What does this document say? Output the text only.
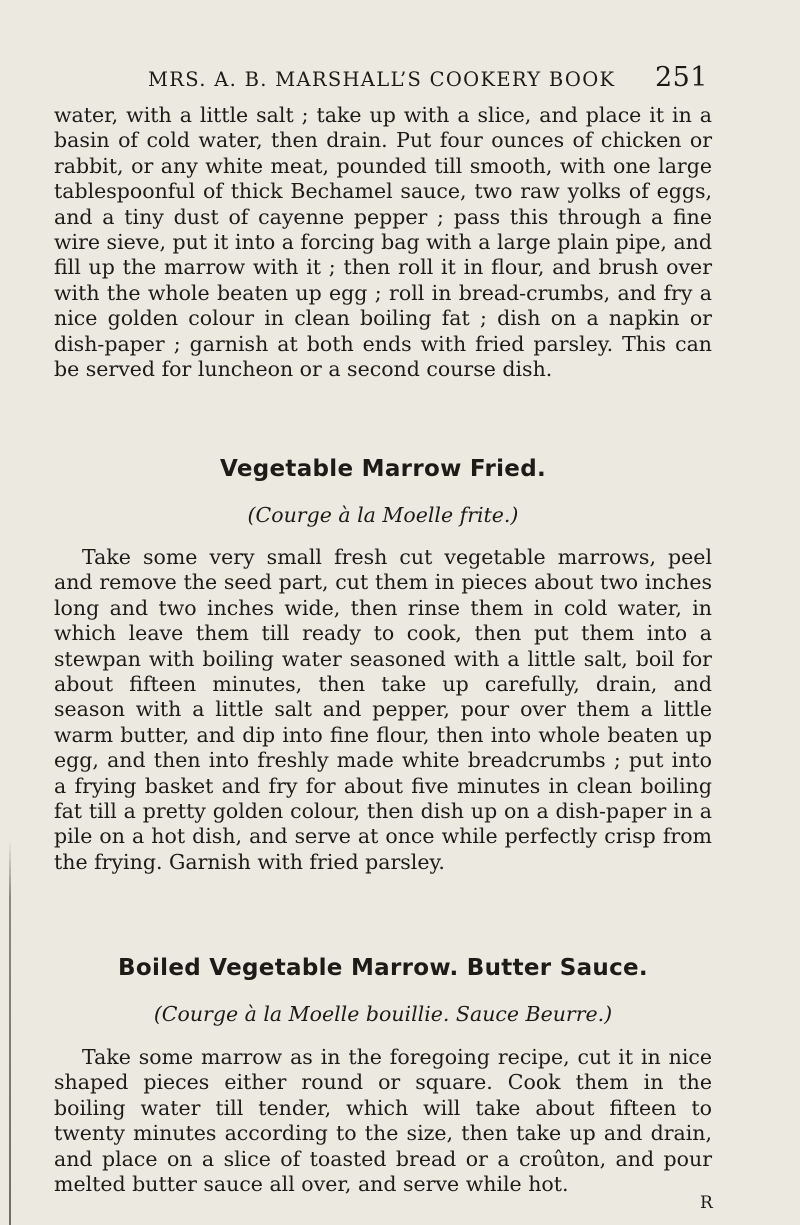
MRS. A. B. MARSHALL’S COOKERY BOOK 251

water, with a little salt ; take up with a slice, and place it in a basin of cold water, then drain. Put four ounces of chicken or rabbit, or any white meat, pounded till smooth, with one large tablespoonful of thick Bechamel sauce, two raw yolks of eggs, and a tiny dust of cayenne pepper ; pass this through a fine wire sieve, put it into a forcing bag with a large plain pipe, and fill up the marrow with it ; then roll it in flour, and brush over with the whole beaten up egg ; roll in bread-crumbs, and fry a nice golden colour in clean boiling fat ; dish on a napkin or dish-paper ; garnish at both ends with fried parsley. This can be served for luncheon or a second course dish.

Vegetable Marrow Fried.

(Courge à la Moelle frite.)

Take some very small fresh cut vegetable marrows, peel and remove the seed part, cut them in pieces about two inches long and two inches wide, then rinse them in cold water, in which leave them till ready to cook, then put them into a stewpan with boiling water seasoned with a little salt, boil for about fifteen minutes, then take up carefully, drain, and season with a little salt and pepper, pour over them a little warm butter, and dip into fine flour, then into whole beaten up egg, and then into freshly made white breadcrumbs ; put into a frying basket and fry for about five minutes in clean boiling fat till a pretty golden colour, then dish up on a dish-paper in a pile on a hot dish, and serve at once while perfectly crisp from the frying. Garnish with fried parsley.

Boiled Vegetable Marrow. Butter Sauce.

(Courge à la Moelle bouillie. Sauce Beurre.)

Take some marrow as in the foregoing recipe, cut it in nice shaped pieces either round or square. Cook them in the boiling water till tender, which will take about fifteen to twenty minutes according to the size, then take up and drain, and place on a slice of toasted bread or a croûton, and pour melted butter sauce all over, and serve while hot.

R
